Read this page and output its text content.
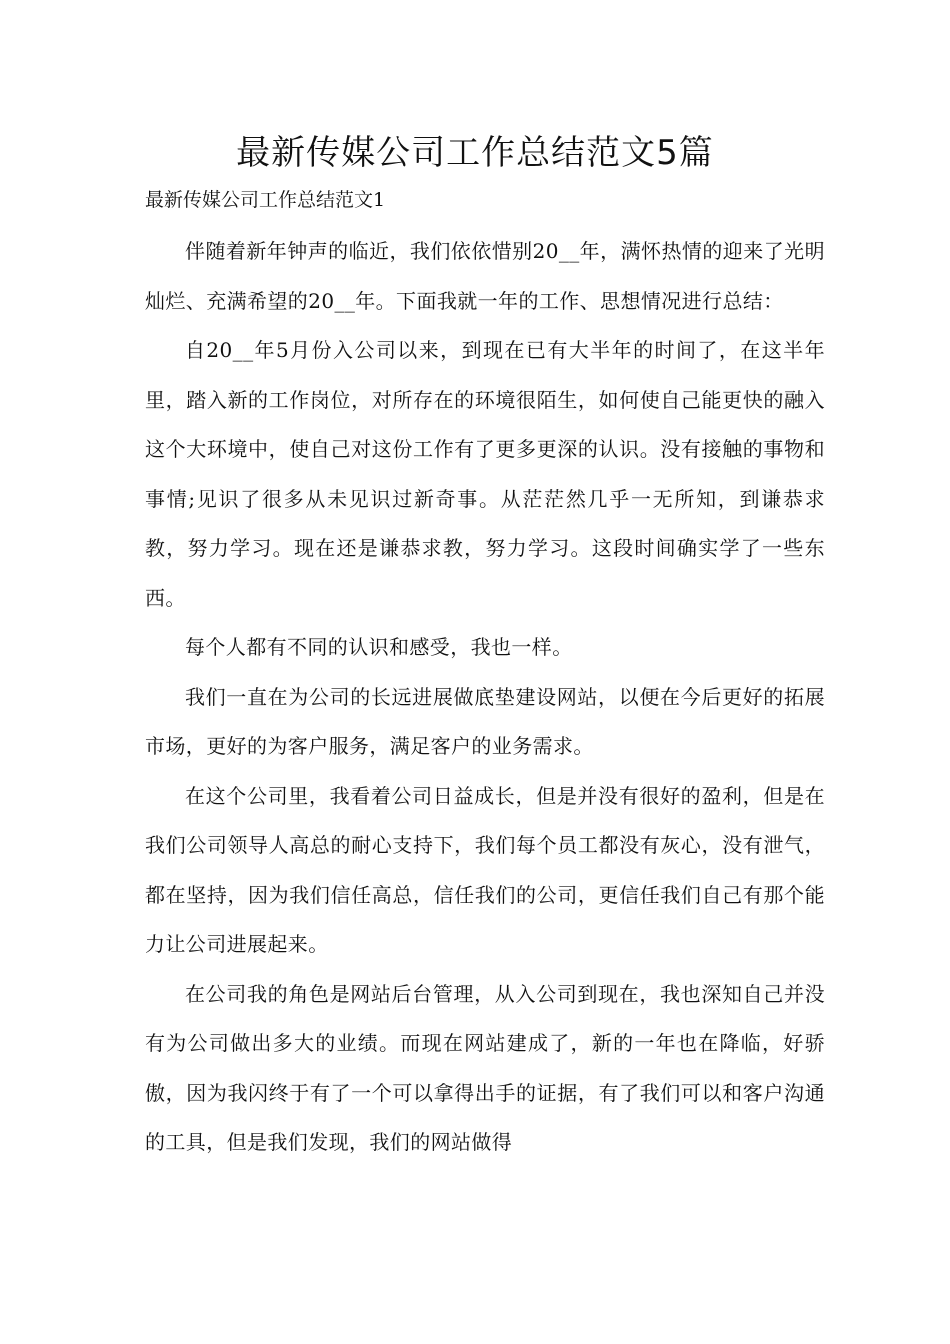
最新传媒公司工作总结范文5篇

最新传媒公司工作总结范文1

伴随着新年钟声的临近，我们依依惜别20__年，满怀热情的迎来了光明灿烂、充满希望的20__年。下面我就一年的工作、思想情况进行总结：

自20__年5月份入公司以来，到现在已有大半年的时间了，在这半年里，踏入新的工作岗位，对所存在的环境很陌生，如何使自己能更快的融入这个大环境中，使自己对这份工作有了更多更深的认识。没有接触的事物和事情;见识了很多从未见识过新奇事。从茫茫然几乎一无所知，到谦恭求教，努力学习。现在还是谦恭求教，努力学习。这段时间确实学了一些东西。

每个人都有不同的认识和感受，我也一样。

我们一直在为公司的长远进展做底垫建设网站，以便在今后更好的拓展市场，更好的为客户服务，满足客户的业务需求。

在这个公司里，我看着公司日益成长，但是并没有很好的盈利，但是在我们公司领导人高总的耐心支持下，我们每个员工都没有灰心，没有泄气，都在坚持，因为我们信任高总，信任我们的公司，更信任我们自己有那个能力让公司进展起来。

在公司我的角色是网站后台管理，从入公司到现在，我也深知自己并没有为公司做出多大的业绩。而现在网站建成了，新的一年也在降临，好骄傲，因为我闪终于有了一个可以拿得出手的证据，有了我们可以和客户沟通的工具，但是我们发现，我们的网站做得
